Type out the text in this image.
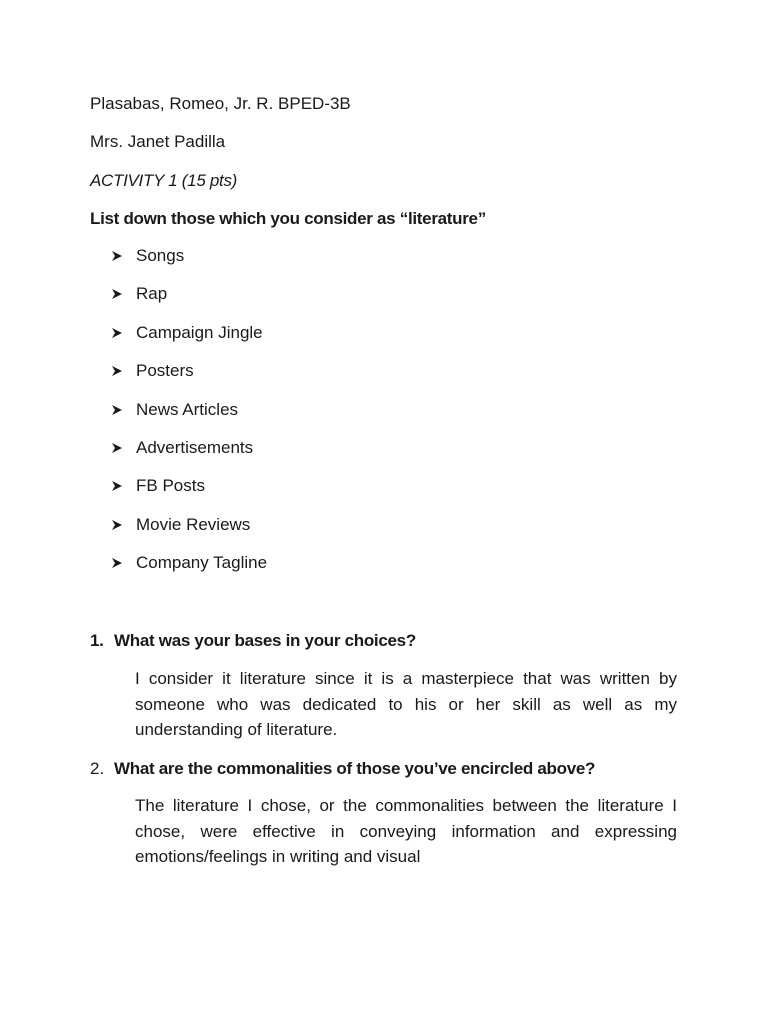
Plasabas, Romeo, Jr. R. BPED-3B
Mrs. Janet Padilla
ACTIVITY 1 (15 pts)
List down those which you consider as “literature”
Songs
Rap
Campaign Jingle
Posters
News Articles
Advertisements
FB Posts
Movie Reviews
Company Tagline
1. What was your bases in your choices?

I consider it literature since it is a masterpiece that was written by someone who was dedicated to his or her skill as well as my understanding of literature.

2. What are the commonalities of those you’ve encircled above?

The literature I chose, or the commonalities between the literature I chose, were effective in conveying information and expressing emotions/feelings in writing and visual
